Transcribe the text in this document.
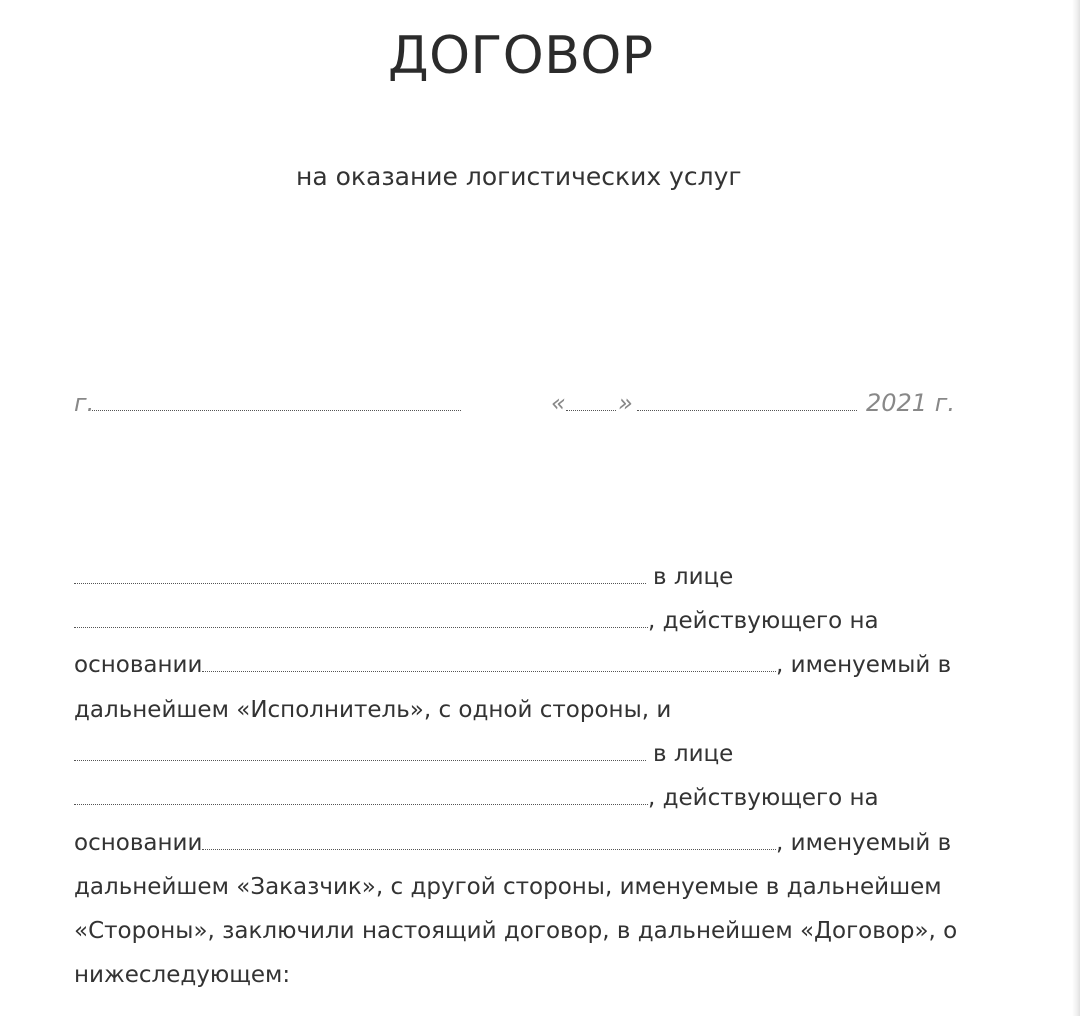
ДОГОВОР
на оказание логистических услуг
г.	« »	2021 г.
в лице
, действующего на
основании	, именуемый в
дальнейшем «Исполнитель», с одной стороны, и
в лице
, действующего на
основании	, именуемый в
дальнейшем «Заказчик», с другой стороны, именуемые в дальнейшем
«Стороны», заключили настоящий договор, в дальнейшем «Договор», о
нижеследующем:
